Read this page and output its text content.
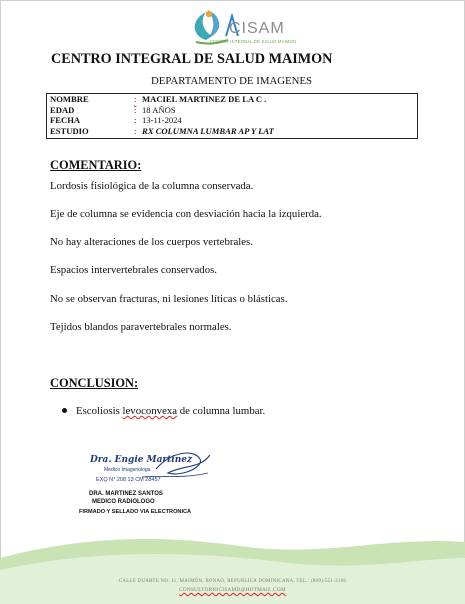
CISAM
CENTRO INTEGRAL DE SALUD MAIMON
CENTRO INTEGRAL DE SALUD MAIMON
DEPARTAMENTO DE IMAGENES
NOMBRE	: MACIEL MARTINEZ DE LA C .
EDAD	: 18 AÑOS
FECHA	: 13-11-2024
ESTUDIO	: RX COLUMNA LUMBAR AP Y LAT
COMENTARIO:
Lordosis fisiológica de la columna conservada.
Eje de columna se evidencia con desviación hacia la izquierda.
No hay alteraciones de los cuerpos vertebrales.
Espacios intervertebrales conservados.
No se observan fracturas, ni lesiones líticas o blásticas.
Tejidos blandos paravertebrales normales.
CONCLUSION:
Escoliosis levoconvexa de columna lumbar.
Dra. Engie Martinez
Medico Imagenologa
EXQ N° 208 13 CM 28457
DRA. MARTINEZ SANTOS
MEDICO RADIOLOGO
FIRMADO Y SELLADO VIA ELECTRONICA
CALLE DUARTE NO. 11, MAIMÓN, BONAO, REPUBLICA DOMINICANA, TEL.: (809)-551-2106
CONSULTORIOCISAMD@HOTMAIL.COM
